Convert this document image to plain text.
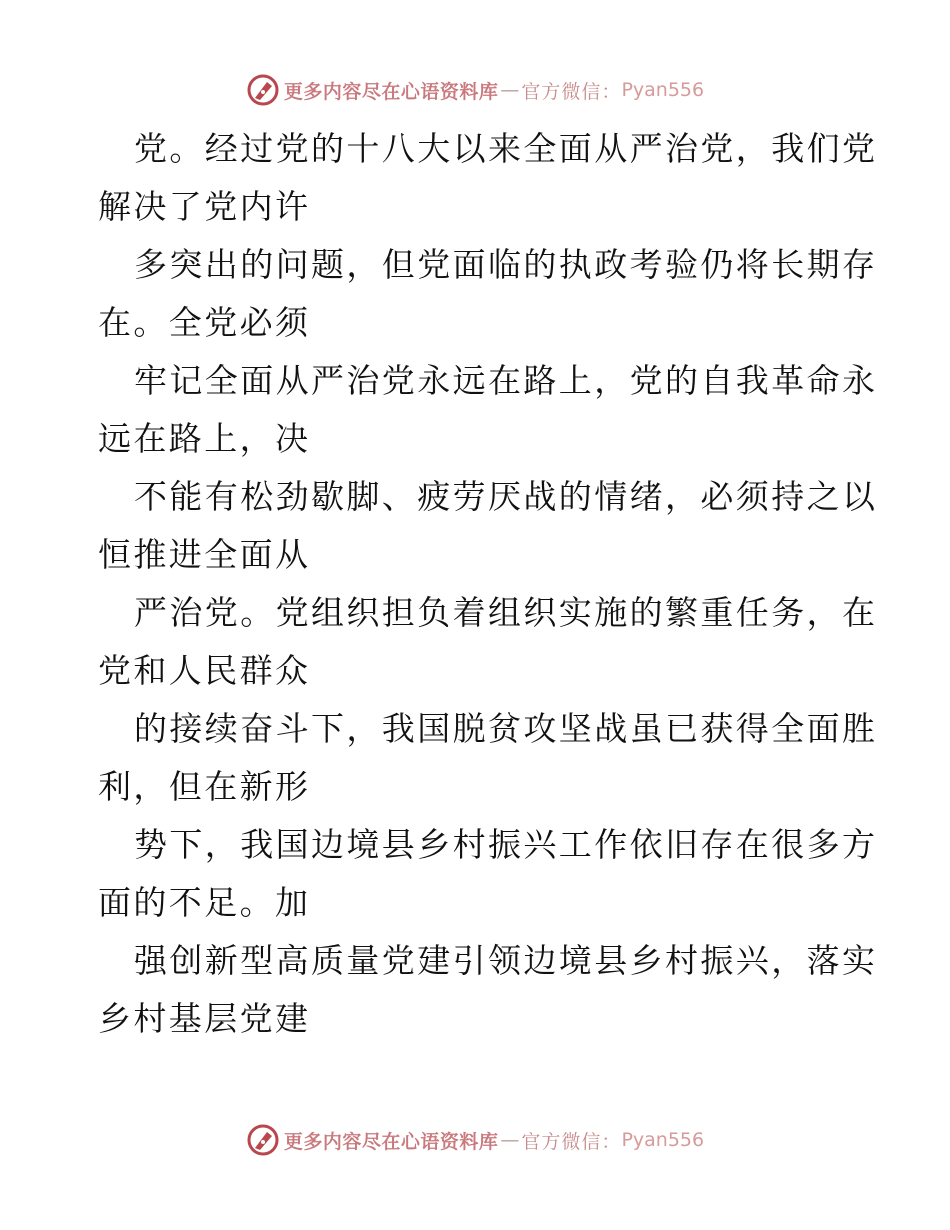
更多内容尽在心语资料库 — 官方微信： Pyan556
党。经过党的十八大以来全面从严治党，我们党
解决了党内许
多突出的问题，但党面临的执政考验仍将长期存
在。全党必须
牢记全面从严治党永远在路上，党的自我革命永
远在路上，决
不能有松劲歇脚、疲劳厌战的情绪，必须持之以
恒推进全面从
严治党。党组织担负着组织实施的繁重任务，在
党和人民群众
的接续奋斗下，我国脱贫攻坚战虽已获得全面胜
利，但在新形
势下，我国边境县乡村振兴工作依旧存在很多方
面的不足。加
强创新型高质量党建引领边境县乡村振兴，落实
乡村基层党建
更多内容尽在心语资料库 — 官方微信： Pyan556
